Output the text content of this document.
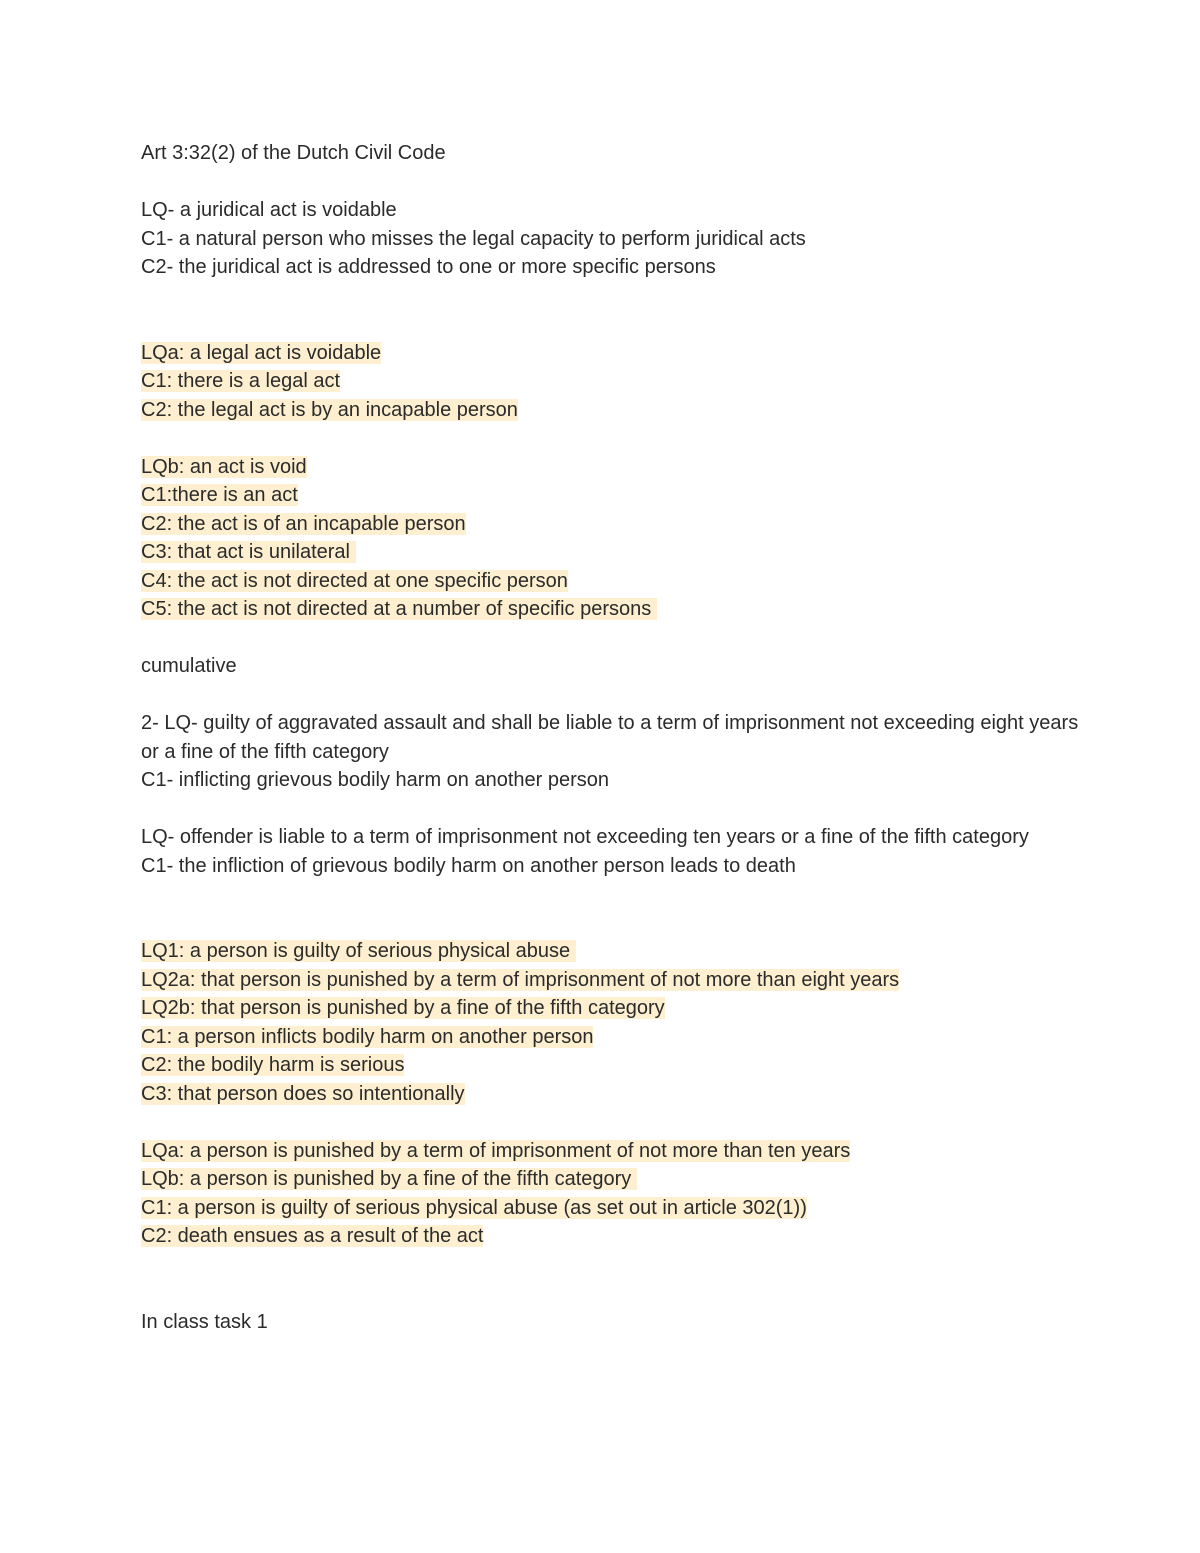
Art 3:32(2) of the Dutch Civil Code

LQ- a juridical act is voidable

C1- a natural person who misses the legal capacity to perform juridical acts

C2- the juridical act is addressed to one or more specific persons

LQa: a legal act is voidable

C1: there is a legal act

C2: the legal act is by an incapable person

LQb: an act is void

C1:there is an act

C2: the act is of an incapable person

C3: that act is unilateral

C4: the act is not directed at one specific person

C5: the act is not directed at a number of specific persons

cumulative

2- LQ- guilty of aggravated assault and shall be liable to a term of imprisonment not exceeding eight years or a fine of the fifth category

C1- inflicting grievous bodily harm on another person

LQ- offender is liable to a term of imprisonment not exceeding ten years or a fine of the fifth category

C1- the infliction of grievous bodily harm on another person leads to death

LQ1: a person is guilty of serious physical abuse

LQ2a: that person is punished by a term of imprisonment of not more than eight years

LQ2b: that person is punished by a fine of the fifth category

C1: a person inflicts bodily harm on another person

C2: the bodily harm is serious

C3: that person does so intentionally

LQa: a person is punished by a term of imprisonment of not more than ten years

LQb: a person is punished by a fine of the fifth category

C1: a person is guilty of serious physical abuse (as set out in article 302(1))

C2: death ensues as a result of the act

In class task 1
